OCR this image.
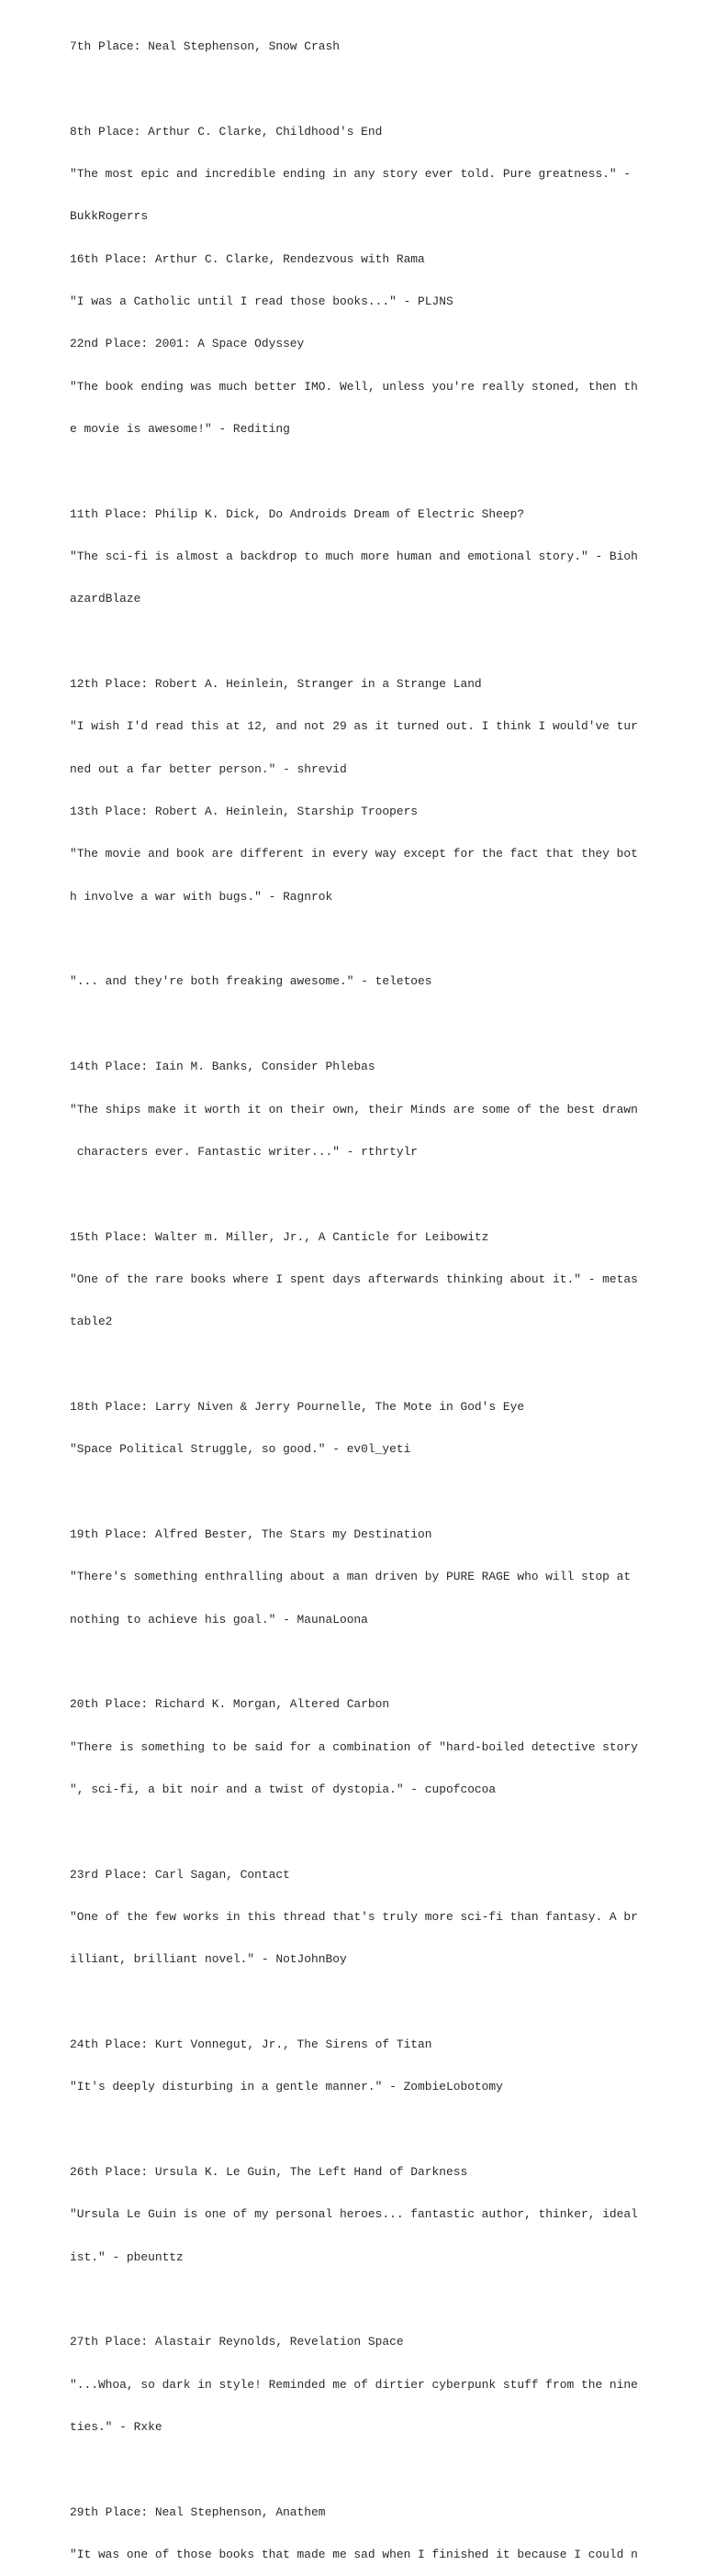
7th Place: Neal Stephenson, Snow Crash

8th Place: Arthur C. Clarke, Childhood's End

"The most epic and incredible ending in any story ever told. Pure greatness." -

BukkRogerrs

16th Place: Arthur C. Clarke, Rendezvous with Rama

"I was a Catholic until I read those books..." - PLJNS

22nd Place: 2001: A Space Odyssey

"The book ending was much better IMO. Well, unless you're really stoned, then th

e movie is awesome!" - Rediting

11th Place: Philip K. Dick, Do Androids Dream of Electric Sheep?

"The sci-fi is almost a backdrop to much more human and emotional story." - Bioh

azardBlaze

12th Place: Robert A. Heinlein, Stranger in a Strange Land

"I wish I'd read this at 12, and not 29 as it turned out. I think I would've tur

ned out a far better person." - shrevid

13th Place: Robert A. Heinlein, Starship Troopers

"The movie and book are different in every way except for the fact that they bot

h involve a war with bugs." - Ragnrok

"... and they're both freaking awesome." - teletoes

14th Place: Iain M. Banks, Consider Phlebas

"The ships make it worth it on their own, their Minds are some of the best drawn

characters ever. Fantastic writer..." - rthrtylr

15th Place: Walter m. Miller, Jr., A Canticle for Leibowitz

"One of the rare books where I spent days afterwards thinking about it." - metas

table2

18th Place: Larry Niven & Jerry Pournelle, The Mote in God's Eye

"Space Political Struggle, so good." - ev0l_yeti

19th Place: Alfred Bester, The Stars my Destination

"There's something enthralling about a man driven by PURE RAGE who will stop at

nothing to achieve his goal." - MaunaLoona

20th Place: Richard K. Morgan, Altered Carbon

"There is something to be said for a combination of "hard-boiled detective story

", sci-fi, a bit noir and a twist of dystopia." - cupofcocoa

23rd Place: Carl Sagan, Contact

"One of the few works in this thread that's truly more sci-fi than fantasy. A br

illiant, brilliant novel." - NotJohnBoy

24th Place: Kurt Vonnegut, Jr., The Sirens of Titan

"It's deeply disturbing in a gentle manner." - ZombieLobotomy

26th Place: Ursula K. Le Guin, The Left Hand of Darkness

"Ursula Le Guin is one of my personal heroes... fantastic author, thinker, ideal

ist." - pbeunttz

27th Place: Alastair Reynolds, Revelation Space

"...Whoa, so dark in style! Reminded me of dirtier cyberpunk stuff from the nine

ties." - Rxke

29th Place: Neal Stephenson, Anathem

"It was one of those books that made me sad when I finished it because I could n
